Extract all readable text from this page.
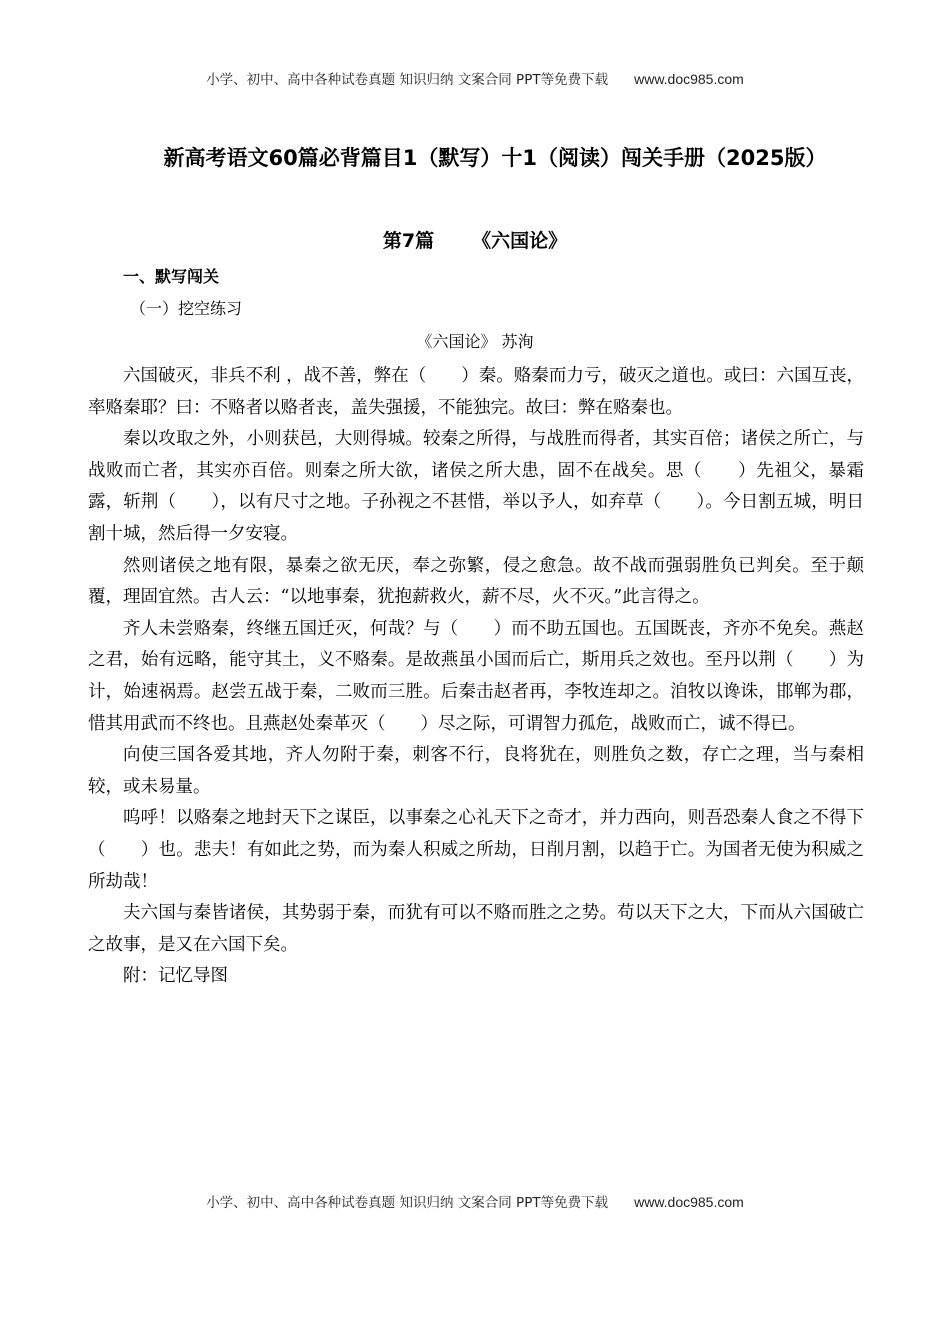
小学、初中、高中各种试卷真题 知识归纳 文案合同 PPT等免费下载 www.doc985.com
新高考语文60篇必背篇目1（默写）十1（阅读）闯关手册（2025版）
第7篇 《六国论》
一、默写闯关
（一）挖空练习
《六国论》 苏洵

六国破灭，非兵不利 ，战不善，弊在（　　）秦。赂秦而力亏，破灭之道也。或曰：六国互丧，率赂秦耶？曰：不赂者以赂者丧，盖失强援，不能独完。故曰：弊在赂秦也。

秦以攻取之外，小则获邑，大则得城。较秦之所得，与战胜而得者，其实百倍；诸侯之所亡，与战败而亡者，其实亦百倍。则秦之所大欲，诸侯之所大患，固不在战矣。思（　　）先祖父，暴霜露，斩荆（　　），以有尺寸之地。子孙视之不甚惜，举以予人，如弃草（　　）。今日割五城，明日割十城，然后得一夕安寝。

然则诸侯之地有限，暴秦之欲无厌，奉之弥繁，侵之愈急。故不战而强弱胜负已判矣。至于颠覆，理固宜然。古人云：“以地事秦，犹抱薪救火，薪不尽，火不灭。”此言得之。

齐人未尝赂秦，终继五国迁灭，何哉？与（　　）而不助五国也。五国既丧，齐亦不免矣。燕赵之君，始有远略，能守其土，义不赂秦。是故燕虽小国而后亡，斯用兵之效也。至丹以荆（　　）为计，始速祸焉。赵尝五战于秦，二败而三胜。后秦击赵者再，李牧连却之。洎牧以谗诛，邯郸为郡，惜其用武而不终也。且燕赵处秦革灭（　　）尽之际，可谓智力孤危，战败而亡，诚不得已。

向使三国各爱其地，齐人勿附于秦，刺客不行，良将犹在，则胜负之数，存亡之理，当与秦相较，或未易量。

呜呼！以赂秦之地封天下之谋臣，以事秦之心礼天下之奇才，并力西向，则吾恐秦人食之不得下（　　）也。悲夫！有如此之势，而为秦人积威之所劫，日削月割，以趋于亡。为国者无使为积威之所劫哉！

夫六国与秦皆诸侯，其势弱于秦，而犹有可以不赂而胜之之势。苟以天下之大，下而从六国破亡之故事，是又在六国下矣。

附：记忆导图

小学、初中、高中各种试卷真题 知识归纳 文案合同 PPT等免费下载 www.doc985.com
